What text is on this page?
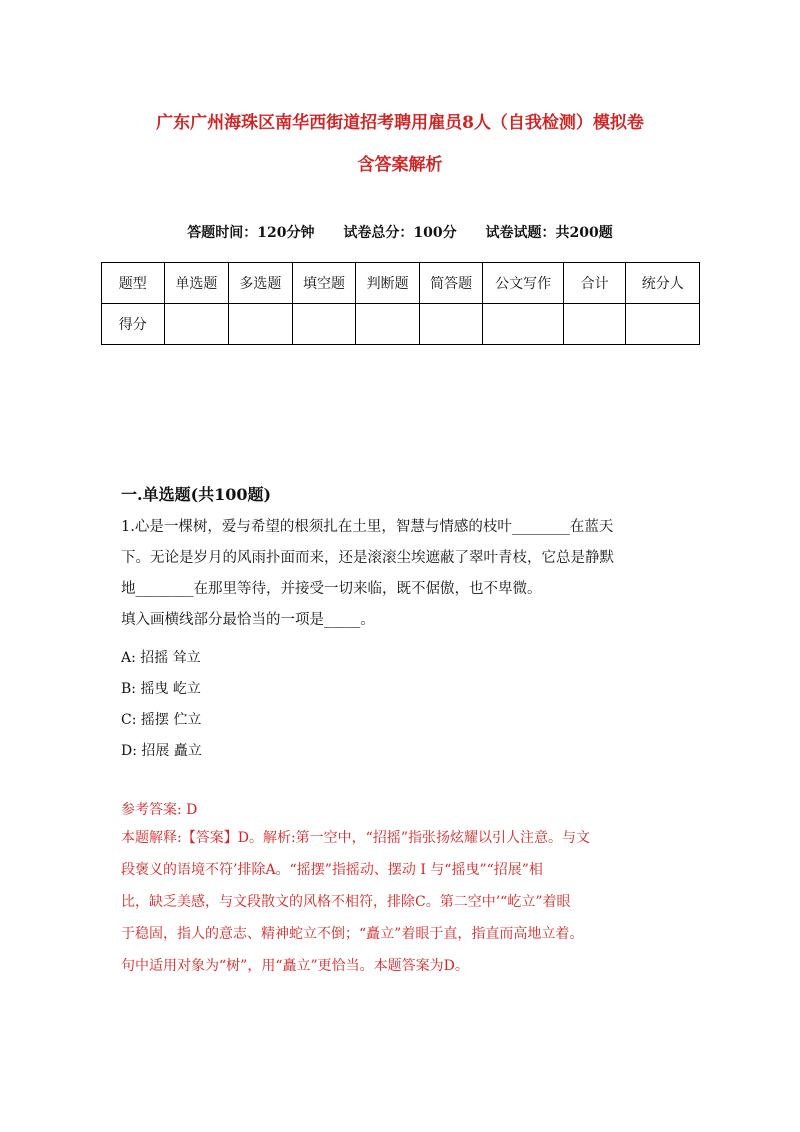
广东广州海珠区南华西街道招考聘用雇员8人（自我检测）模拟卷
含答案解析

答题时间：120分钟 试卷总分：100分 试卷试题：共200题

题型	单选题	多选题	填空题	判断题	简答题	公文写作	合计	统分人
得分								
一.单选题(共100题)

1.心是一棵树，爱与希望的根须扎在土里，智慧与情感的枝叶________在蓝天

下。无论是岁月的风雨扑面而来，还是滚滚尘埃遮蔽了翠叶青枝，它总是静默

地________在那里等待，并接受一切来临，既不倨傲，也不卑微。

填入画横线部分最恰当的一项是_____。

A: 招摇 耸立

B: 摇曳 屹立

C: 摇摆 伫立

D: 招展 矗立

参考答案: D

本题解释:【答案】D。解析:第一空中，“招摇”指张扬炫耀以引人注意。与文

段褒义的语境不符’排除A。“摇摆”指摇动、摆动 I 与“摇曳”“招展”相

比，缺乏美感，与文段散文的风格不相符，排除C。第二空中’“屹立”着眼

于稳固，指人的意志、精神蛇立不倒；“矗立”着眼于直，指直而高地立着。

句中适用对象为“树”，用“矗立”更恰当。本题答案为D。
